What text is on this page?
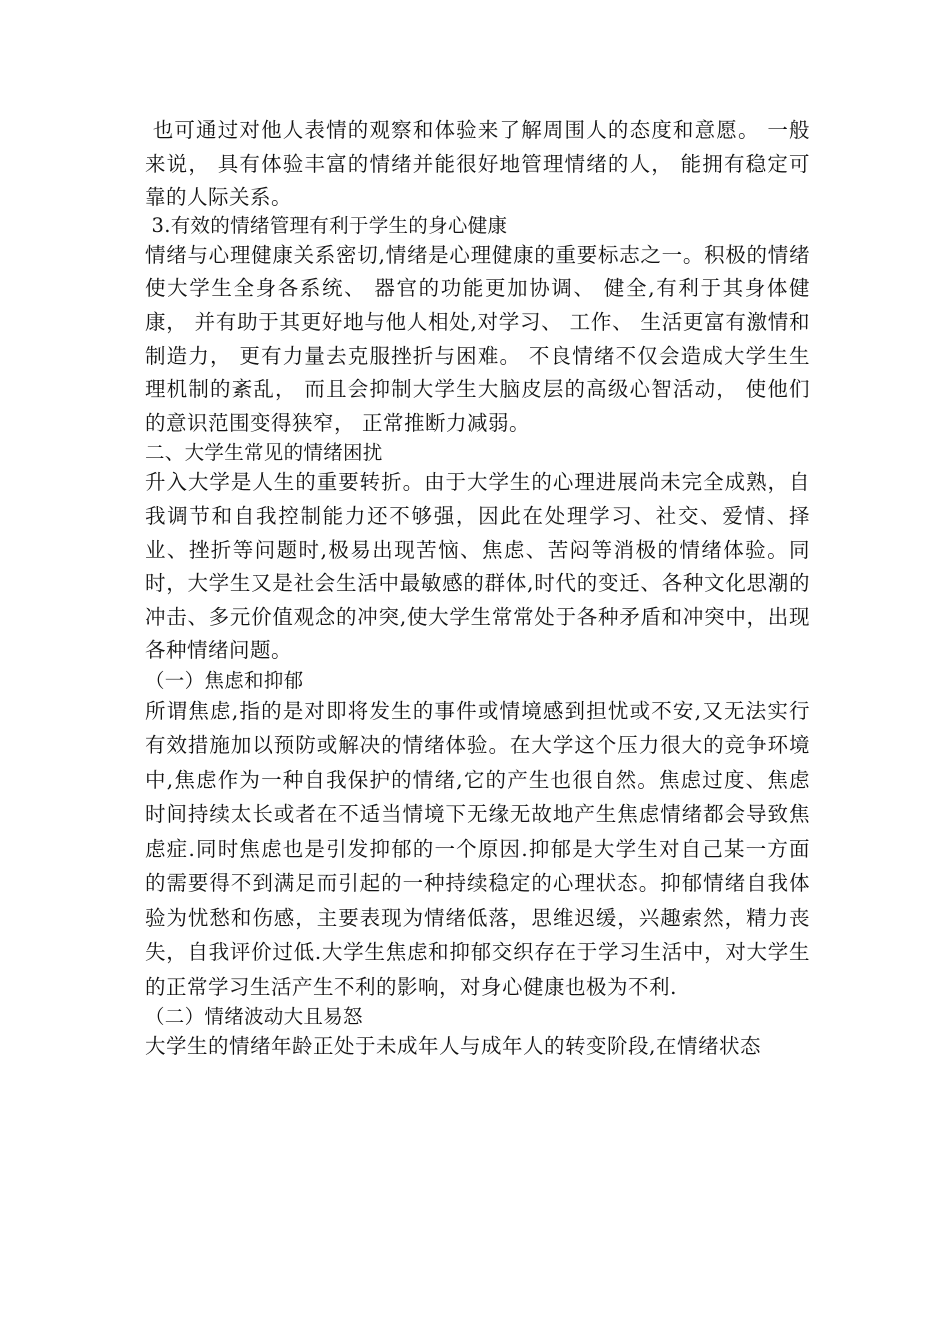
也可通过对他人表情的观察和体验来了解周围人的态度和意愿。 一般来说， 具有体验丰富的情绪并能很好地管理情绪的人， 能拥有稳定可靠的人际关系。

3.有效的情绪管理有利于学生的身心健康

情绪与心理健康关系密切,情绪是心理健康的重要标志之一。积极的情绪使大学生全身各系统、 器官的功能更加协调、 健全,有利于其身体健康， 并有助于其更好地与他人相处,对学习、 工作、 生活更富有激情和制造力， 更有力量去克服挫折与困难。 不良情绪不仅会造成大学生生理机制的紊乱， 而且会抑制大学生大脑皮层的高级心智活动， 使他们的意识范围变得狭窄， 正常推断力减弱。

二、大学生常见的情绪困扰

升入大学是人生的重要转折。由于大学生的心理进展尚未完全成熟，自我调节和自我控制能力还不够强，因此在处理学习、社交、爱情、择业、挫折等问题时,极易出现苦恼、焦虑、苦闷等消极的情绪体验。同时，大学生又是社会生活中最敏感的群体,时代的变迁、各种文化思潮的冲击、多元价值观念的冲突,使大学生常常处于各种矛盾和冲突中，出现各种情绪问题。

（一）焦虑和抑郁

所谓焦虑,指的是对即将发生的事件或情境感到担忧或不安,又无法实行有效措施加以预防或解决的情绪体验。在大学这个压力很大的竞争环境中,焦虑作为一种自我保护的情绪,它的产生也很自然。焦虑过度、焦虑时间持续太长或者在不适当情境下无缘无故地产生焦虑情绪都会导致焦虑症.同时焦虑也是引发抑郁的一个原因.抑郁是大学生对自己某一方面的需要得不到满足而引起的一种持续稳定的心理状态。抑郁情绪自我体验为忧愁和伤感，主要表现为情绪低落，思维迟缓，兴趣索然，精力丧失，自我评价过低.大学生焦虑和抑郁交织存在于学习生活中，对大学生的正常学习生活产生不利的影响，对身心健康也极为不利.

（二）情绪波动大且易怒

大学生的情绪年龄正处于未成年人与成年人的转变阶段,在情绪状态
